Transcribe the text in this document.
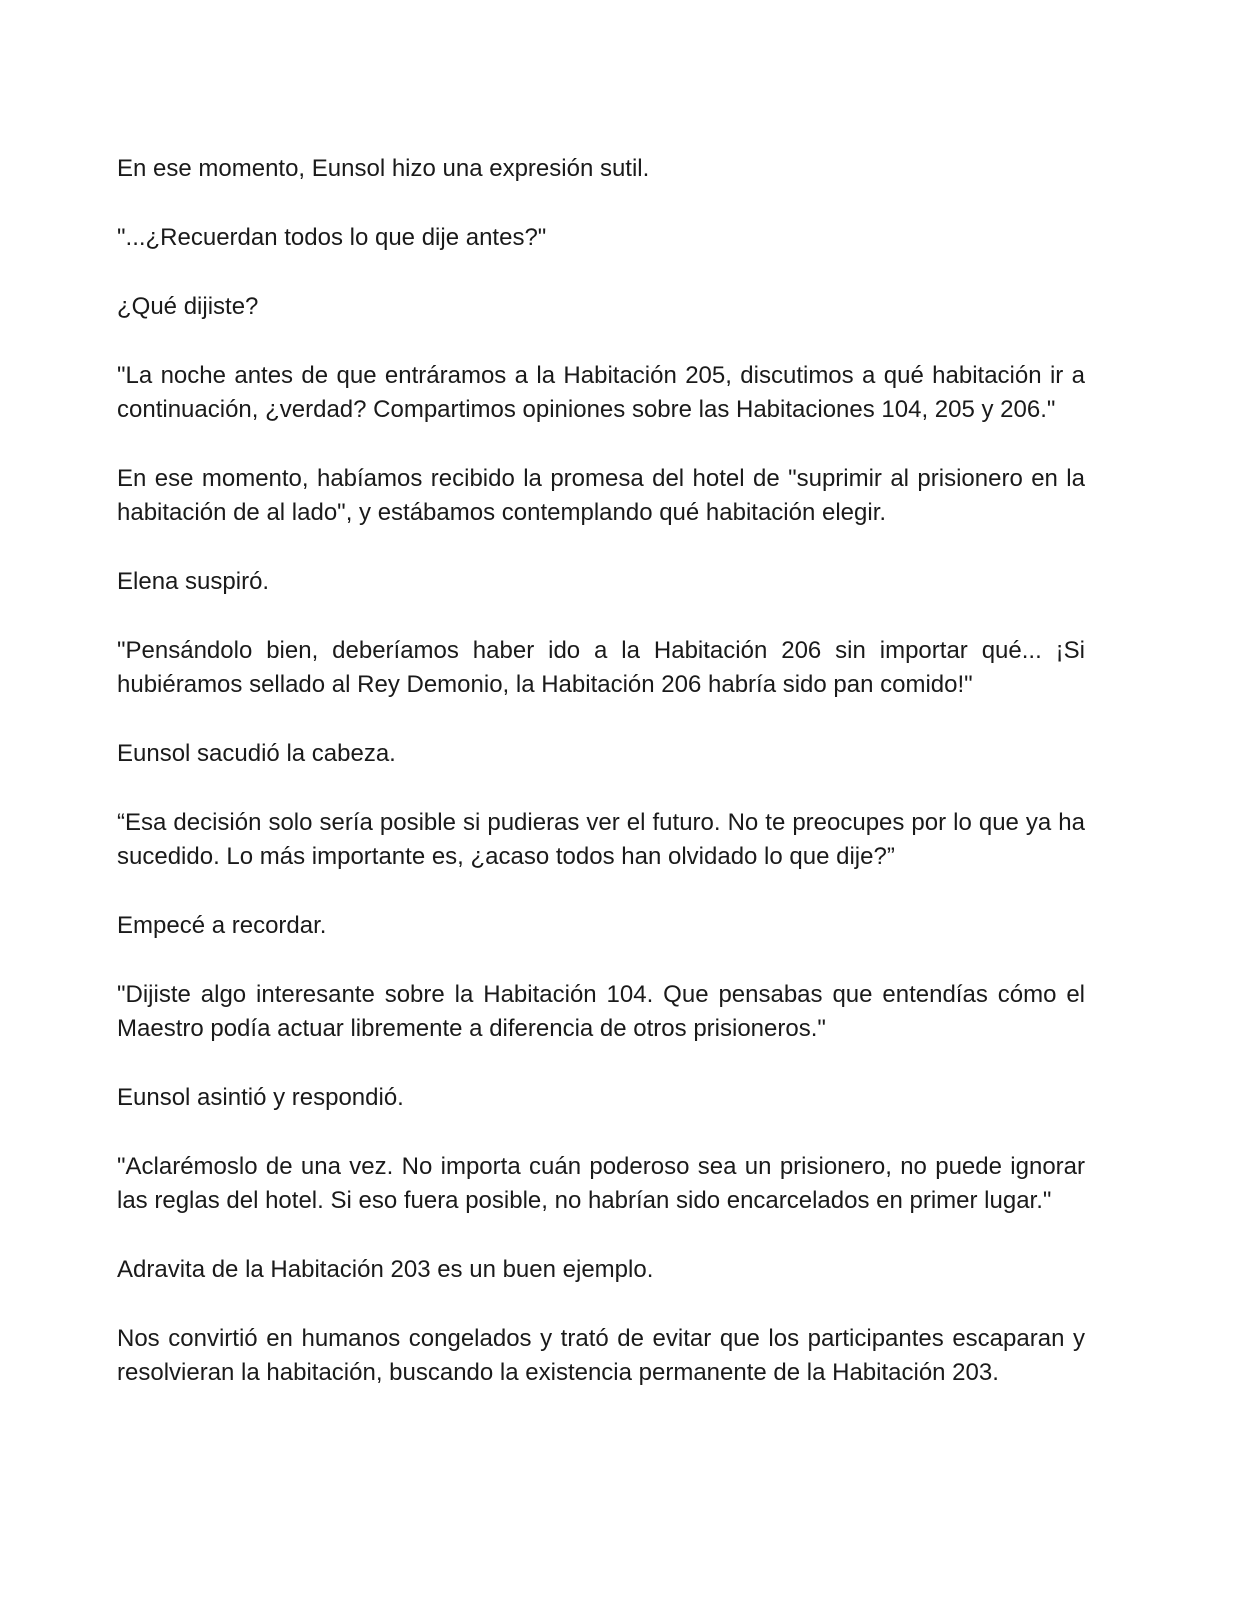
En ese momento, Eunsol hizo una expresión sutil.

"...¿Recuerdan todos lo que dije antes?"

¿Qué dijiste?

"La noche antes de que entráramos a la Habitación 205, discutimos a qué habitación ir a continuación, ¿verdad? Compartimos opiniones sobre las Habitaciones 104, 205 y 206."

En ese momento, habíamos recibido la promesa del hotel de "suprimir al prisionero en la habitación de al lado", y estábamos contemplando qué habitación elegir.

Elena suspiró.

"Pensándolo bien, deberíamos haber ido a la Habitación 206 sin importar qué... ¡Si hubiéramos sellado al Rey Demonio, la Habitación 206 habría sido pan comido!"

Eunsol sacudió la cabeza.

“Esa decisión solo sería posible si pudieras ver el futuro. No te preocupes por lo que ya ha sucedido. Lo más importante es, ¿acaso todos han olvidado lo que dije?”

Empecé a recordar.

"Dijiste algo interesante sobre la Habitación 104. Que pensabas que entendías cómo el Maestro podía actuar libremente a diferencia de otros prisioneros."

Eunsol asintió y respondió.

"Aclarémoslo de una vez. No importa cuán poderoso sea un prisionero, no puede ignorar las reglas del hotel. Si eso fuera posible, no habrían sido encarcelados en primer lugar."

Adravita de la Habitación 203 es un buen ejemplo.

Nos convirtió en humanos congelados y trató de evitar que los participantes escaparan y resolvieran la habitación, buscando la existencia permanente de la Habitación 203.
